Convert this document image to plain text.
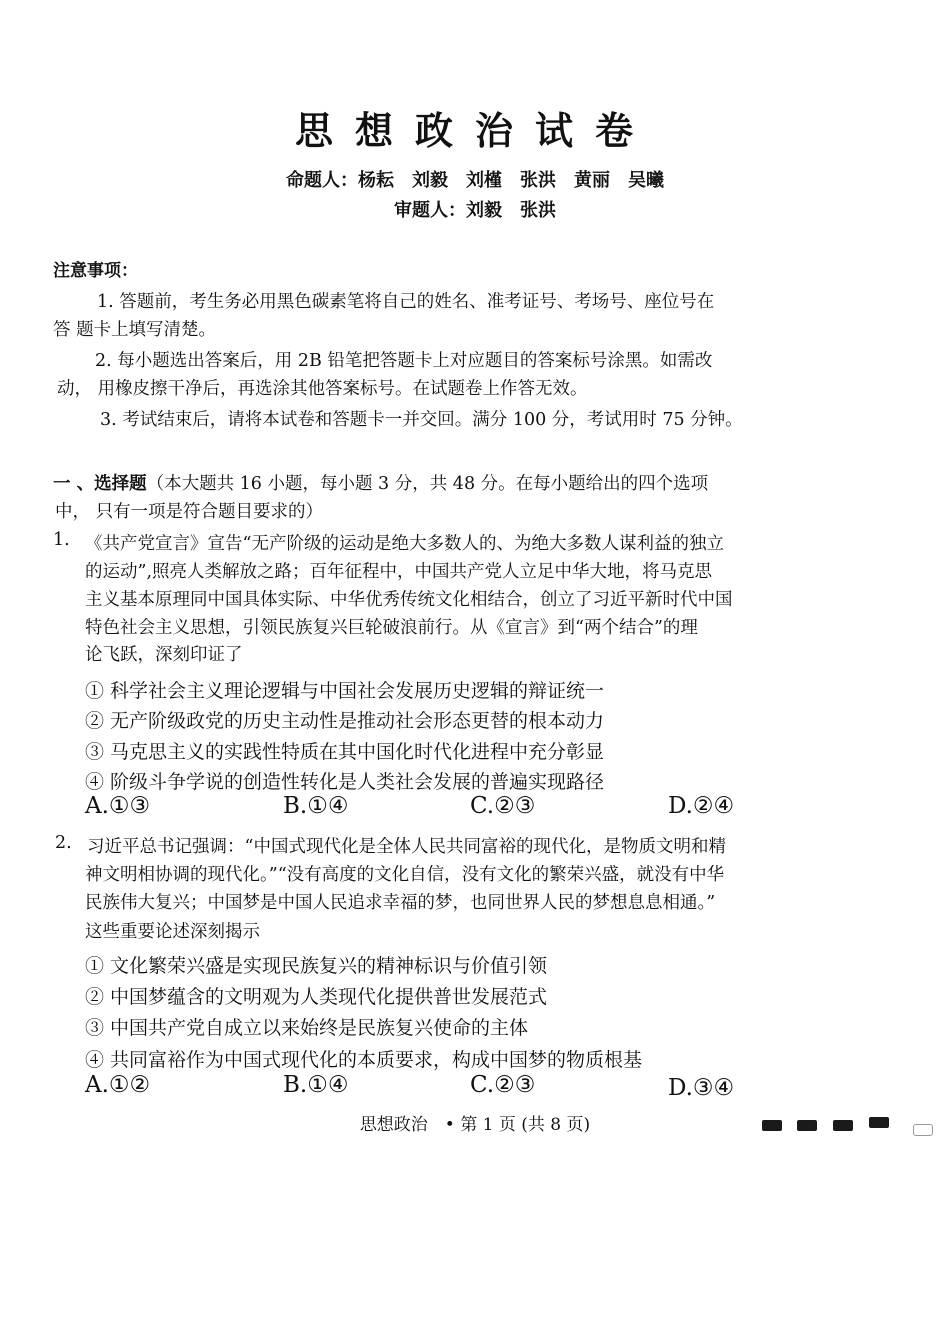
思想政治试卷
命题人：杨耘　刘毅　刘槿　张洪　黄丽　吴曦
审题人：刘毅　张洪
注意事项：
1. 答题前，考生务必用黑色碳素笔将自己的姓名、准考证号、考场号、座位号在
答 题卡上填写清楚。
2. 每小题选出答案后，用 2B 铅笔把答题卡上对应题目的答案标号涂黑。如需改
动， 用橡皮擦干净后，再选涂其他答案标号。在试题卷上作答无效。
3. 考试结束后，请将本试卷和答题卡一并交回。满分 100 分，考试用时 75 分钟。
一 、选择题（本大题共 16 小题，每小题 3 分，共 48 分。在每小题给出的四个选项
中， 只有一项是符合题目要求的）
1. 《共产党宣言》宣告“无产阶级的运动是绝大多数人的、为绝大多数人谋利益的独立
的运动”,照亮人类解放之路；百年征程中，中国共产党人立足中华大地，将马克思
主义基本原理同中国具体实际、中华优秀传统文化相结合，创立了习近平新时代中国
特色社会主义思想，引领民族复兴巨轮破浪前行。从《宣言》到“两个结合”的理
论飞跃，深刻印证了
① 科学社会主义理论逻辑与中国社会发展历史逻辑的辩证统一
② 无产阶级政党的历史主动性是推动社会形态更替的根本动力
③ 马克思主义的实践性特质在其中国化时代化进程中充分彰显
④ 阶级斗争学说的创造性转化是人类社会发展的普遍实现路径
A.①③	B.①④	C.②③	D.②④
2. 习近平总书记强调：“中国式现代化是全体人民共同富裕的现代化，是物质文明和精
神文明相协调的现代化。”“没有高度的文化自信，没有文化的繁荣兴盛，就没有中华
民族伟大复兴；中国梦是中国人民追求幸福的梦，也同世界人民的梦想息息相通。”
这些重要论述深刻揭示
① 文化繁荣兴盛是实现民族复兴的精神标识与价值引领
② 中国梦蕴含的文明观为人类现代化提供普世发展范式
③ 中国共产党自成立以来始终是民族复兴使命的主体
④ 共同富裕作为中国式现代化的本质要求，构成中国梦的物质根基
A.①②	B.①④	C.②③	D.③④
思想政治　• 第 1 页 (共 8 页)
